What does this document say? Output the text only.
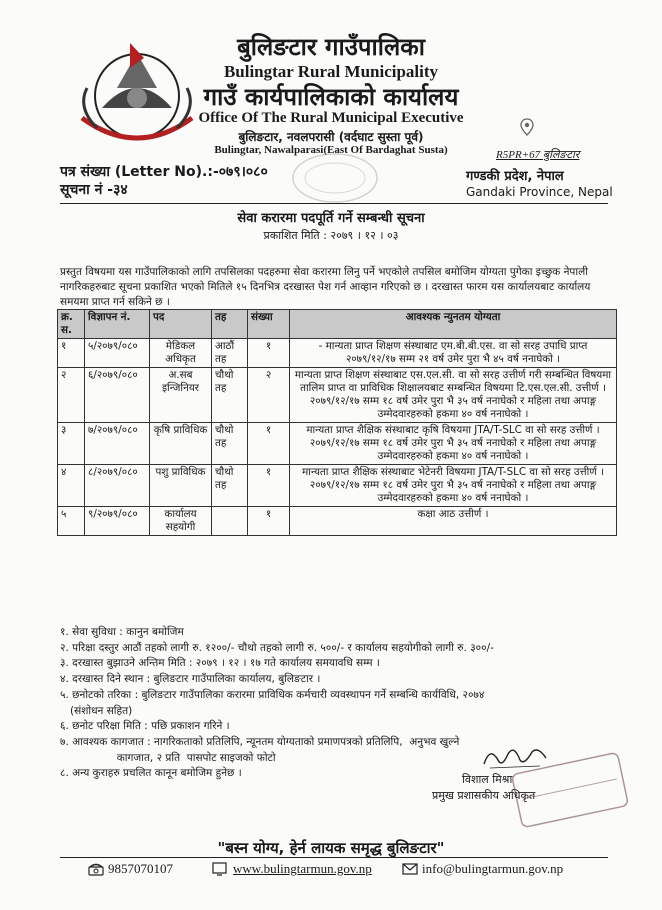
बुलिङटार गाउँपालिका
Bulingtar Rural Municipality
गाउँ कार्यपालिकाको कार्यालय
Office Of The Rural Municipal Executive
बुलिङटार, नवलपरासी (वर्दघाट सुस्ता पूर्व)
Bulingtar, Nawalparasi(East Of Bardaghat Susta)	R5PR+67 बुलिङटार
पत्र संख्या (Letter No).:-०७९।०८०
सूचना नं -३४
गण्डकी प्रदेश, नेपाल
Gandaki Province, Nepal
सेवा करारमा पदपूर्ति गर्ने सम्बन्धी सूचना
प्रकाशित मिति : २०७९ । १२ । ०३
प्रस्तुत विषयमा यस गाउँपालिकाको लागि तपसिलका पदहरुमा सेवा करारमा लिनु पर्ने भएकोले तपसिल बमोजिम योग्यता पुगेका इच्छुक नेपाली नागरिकहरुबाट सूचना प्रकाशित भएको मितिले १५ दिनभित्र दरखास्त पेश गर्न आव्हान गरिएको छ । दरखास्त फारम यस कार्यालयबाट कार्यालय समयमा प्राप्त गर्न सकिने छ ।
क्र. स.	विज्ञापन नं.	पद	तह	संख्या	आवश्यक न्युनतम योग्यता
१	५/२०७९/०८०	मेडिकल अधिकृत	आठौं तह	१	- मान्यता प्राप्त शिक्षण संस्थाबाट एम.बी.बी.एस. वा सो सरह उपाधि प्राप्त २०७९/१२/१७ सम्म २१ वर्ष उमेर पुरा भै ४५ वर्ष ननाघेको ।

२	६/२०७९/०८०	अ.सब इन्जिनियर	चौथो तह	२	मान्यता प्राप्त शिक्षण संस्थाबाट एस.एल.सी. वा सो सरह उत्तीर्ण गरी सम्बन्धित विषयमा तालिम प्राप्त वा प्राविधिक शिक्षालयबाट सम्बन्धित विषयमा टि.एस.एल.सी. उत्तीर्ण ।
२०७९/१२/१७ सम्म १८ वर्ष उमेर पुरा भै ३५ वर्ष ननाघेको र महिला तथा अपाङ्ग उम्मेदवारहरुको हकमा ४० वर्ष ननाघेको ।

३	७/२०७९/०८०	कृषि प्राविधिक	चौथो तह	१	मान्यता प्राप्त शैक्षिक संस्थाबाट कृषि विषयमा JTA/T-SLC वा सो सरह उत्तीर्ण ।
२०७९/१२/१७ सम्म १८ वर्ष उमेर पुरा भै ३५ वर्ष ननाघेको र महिला तथा अपाङ्ग उम्मेदवारहरुको हकमा ४० वर्ष ननाघेको ।

४	८/२०७९/०८०	पशु प्राविधिक	चौथो तह	१	मान्यता प्राप्त शैक्षिक संस्थाबाट भेटेनरी विषयमा JTA/T-SLC वा सो सरह उत्तीर्ण ।
२०७९/१२/१७ सम्म १८ वर्ष उमेर पुरा भै ३५ वर्ष ननाघेको र महिला तथा अपाङ्ग उम्मेदवारहरुको हकमा ४० वर्ष ननाघेको ।

५	९/२०७९/०८०	कार्यालय सहयोगी		१	कक्षा आठ उत्तीर्ण ।
१. सेवा सुविधा : कानुन बमोजिम
२. परिक्षा दस्तुर आठौं तहको लागी रु. १२००/- चौथो तहको लागी रु. ५००/- र कार्यालय सहयोगीको लागी रु. ३००/-
३. दरखास्त बुझाउने अन्तिम मिति : २०७९ । १२ । १७ गते कार्यालय समयावधि सम्म ।
४. दरखास्त दिने स्थान : बुलिङटार गाउँपालिका कार्यालय, बुलिङटार ।
५. छनोटको तरिका : बुलिङटार गाउँपालिका करारमा प्राविधिक कर्मचारी व्यवस्थापन गर्ने सम्बन्धि कार्यविधि, २०७४
(संशोधन सहित)
६. छनोट परिक्षा मिति : पछि प्रकाशन गरिने ।
७. आवश्यक कागजात : नागरिकताको प्रतिलिपि, न्यूनतम योग्यताको प्रमाणपत्रको प्रतिलिपि,  अनुभव खुल्ने
कागजात, २ प्रति  पासपोट साइजको फोटो
८. अन्य कुराहरु प्रचलित कानून बमोजिम हुनेछ ।	विशाल मिश्रा
प्रमुख प्रशासकीय अधिकृत
"बस्न योग्य, हेर्न लायक समृद्ध बुलिङटार"
9857070107	www.bulingtarmun.gov.np	info@bulingtarmun.gov.np
